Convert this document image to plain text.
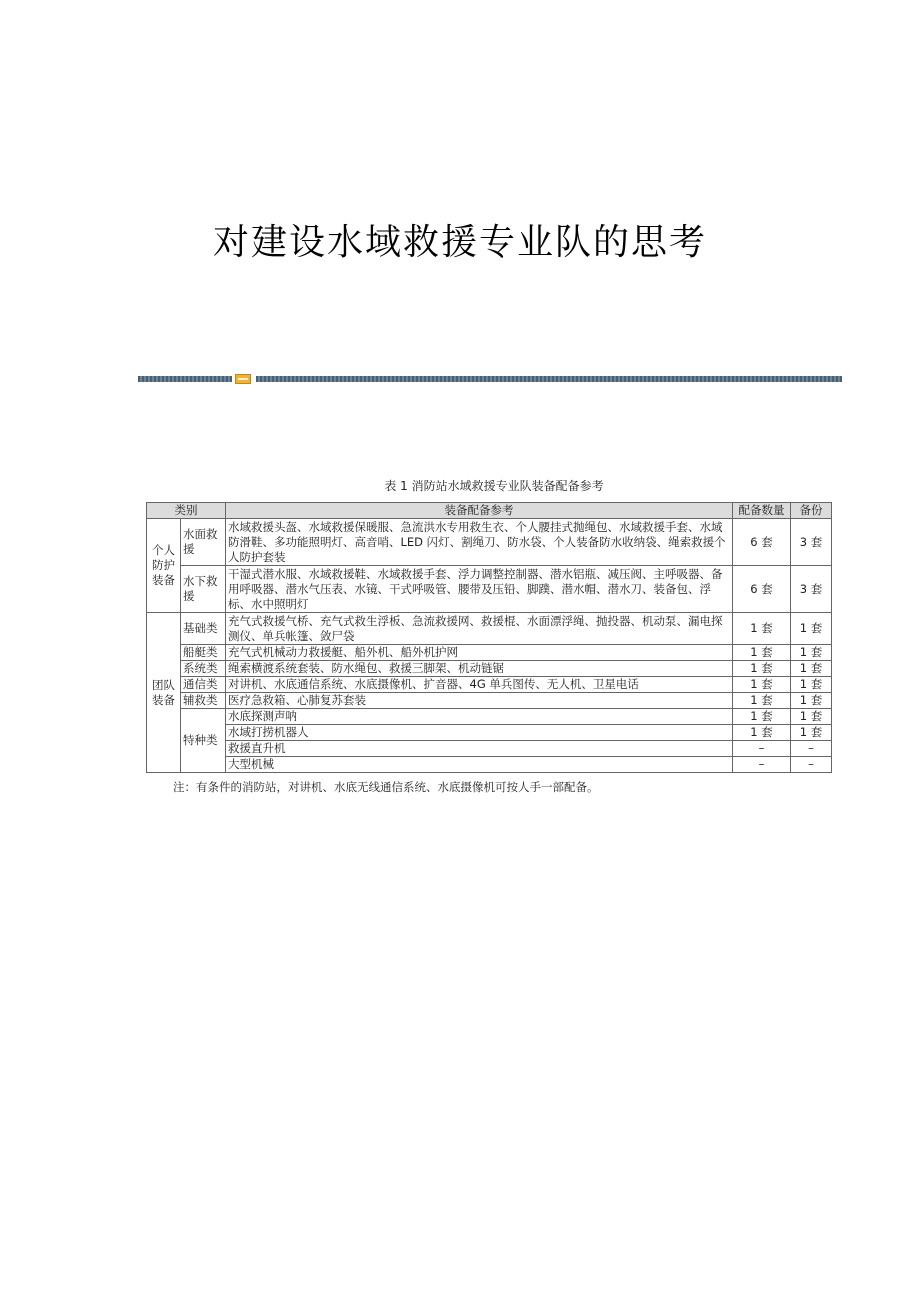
对建设水域救援专业队的思考
表 1 消防站水域救援专业队装备配备参考
类别		装备配备参考	配备数量	备份
个人防护装备	水面救援	水域救援头盔、水域救援保暖服、急流洪水专用救生衣、个人腰挂式抛绳包、水域救援手套、水域防滑鞋、多功能照明灯、高音哨、LED 闪灯、割绳刀、防水袋、个人装备防水收纳袋、绳索救援个人防护套装	6 套	3 套
	水下救援	干湿式潜水服、水域救援鞋、水域救援手套、浮力调整控制器、潜水铝瓶、减压阀、主呼吸器、备用呼吸器、潜水气压表、水镜、干式呼吸管、腰带及压铅、脚蹼、潜水帽、潜水刀、装备包、浮标、水中照明灯	6 套	3 套
团队装备	基础类	充气式救援气桥、充气式救生浮板、急流救援网、救援棍、水面漂浮绳、抛投器、机动泵、漏电探测仪、单兵帐篷、敛尸袋	1 套	1 套
	船艇类	充气式机械动力救援艇、船外机、船外机护网	1 套	1 套
	系统类	绳索横渡系统套装、防水绳包、救援三脚架、机动链锯	1 套	1 套
	通信类	对讲机、水底通信系统、水底摄像机、扩音器、4G 单兵图传、无人机、卫星电话	1 套	1 套
	辅救类	医疗急救箱、心肺复苏套装	1 套	1 套
	特种类	水底探测声呐	1 套	1 套
		水域打捞机器人	1 套	1 套
		救援直升机	–	–
		大型机械	–	–
注：有条件的消防站，对讲机、水底无线通信系统、水底摄像机可按人手一部配备。
